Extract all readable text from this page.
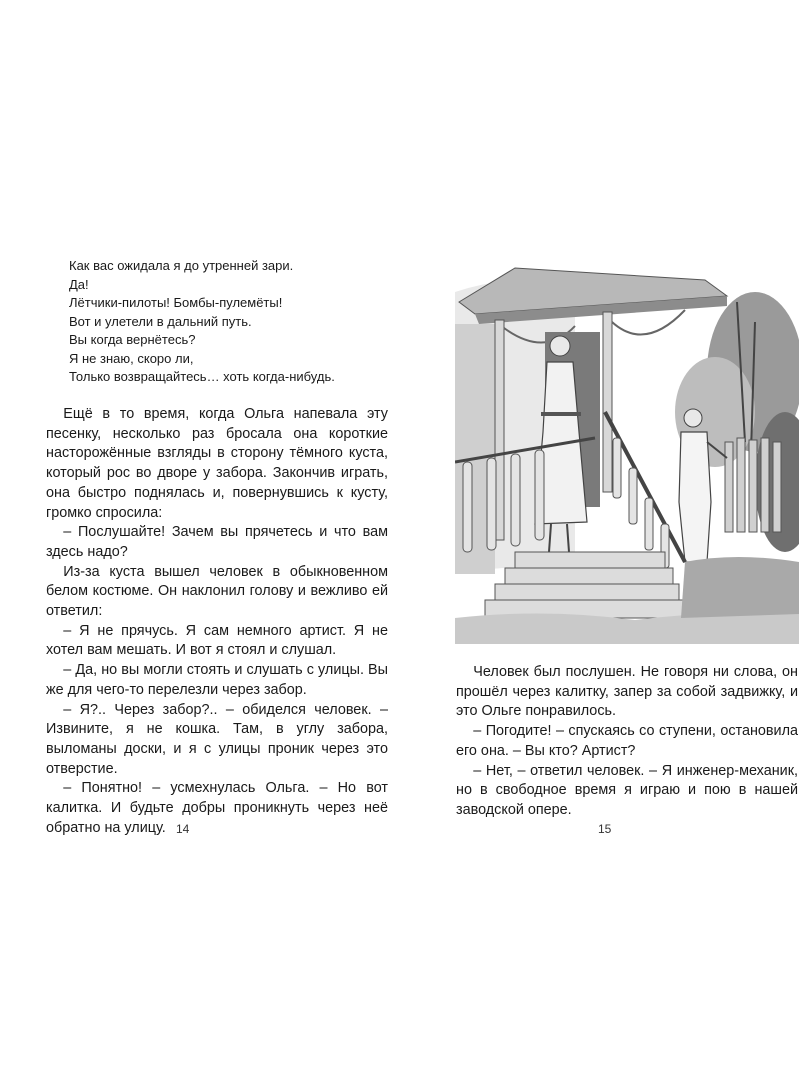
Как вас ожидала я до утренней зари.
Да!
Лётчики-пилоты! Бомбы-пулемёты!
Вот и улетели в дальний путь.
Вы когда вернётесь?
Я не знаю, скоро ли,
Только возвращайтесь… хоть когда-нибудь.

Ещё в то время, когда Ольга напевала эту песенку, несколько раз бросала она короткие насторожённые взгляды в сторону тёмного куста, который рос во дворе у забора. Закончив играть, она быстро поднялась и, повернувшись к кусту, громко спросила:

– Послушайте! Зачем вы прячетесь и что вам здесь надо?

Из-за куста вышел человек в обыкновенном белом костюме. Он наклонил голову и вежливо ей ответил:

– Я не прячусь. Я сам немного артист. Я не хотел вам мешать. И вот я стоял и слушал.

– Да, но вы могли стоять и слушать с улицы. Вы же для чего-то перелезли через забор.

– Я?.. Через забор?.. – обиделся человек. – Извините, я не кошка. Там, в углу забора, выломаны доски, и я с улицы проник через это отверстие.

– Понятно! – усмехнулась Ольга. – Но вот калитка. И будьте добры проникнуть через неё обратно на улицу. 14

Человек был послушен. Не говоря ни слова, он прошёл через калитку, запер за собой задвижку, и это Ольге понравилось.

– Погодите! – спускаясь со ступени, остановила его она. – Вы кто? Артист?

– Нет, – ответил человек. – Я инженер-механик, но в свободное время я играю и пою в нашей заводской опере.

15
